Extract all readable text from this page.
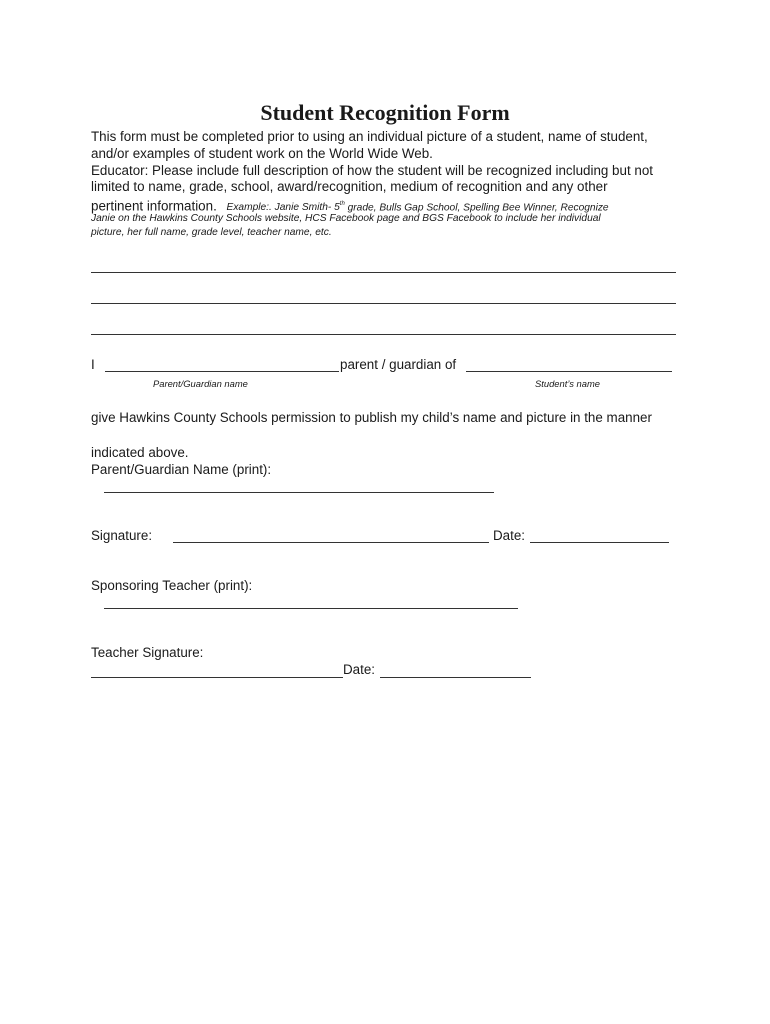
Student Recognition Form
This form must be completed prior to using an individual picture of a student, name of student,
and/or examples of student work on the World Wide Web.
Educator: Please include full description of how the student will be recognized including but not
limited to name, grade, school, award/recognition, medium of recognition and any other
pertinent information. Example:. Janie Smith- 5th grade, Bulls Gap School, Spelling Bee Winner, Recognize
Janie on the Hawkins County Schools website, HCS Facebook page and BGS Facebook to include her individual
picture, her full name, grade level, teacher name, etc.
I	parent / guardian of
Parent/Guardian name	Student’s name
give Hawkins County Schools permission to publish my child’s name and picture in the manner
indicated above.
Parent/Guardian Name (print):
Signature:	Date:
Sponsoring Teacher (print):
Teacher Signature:
Date:
